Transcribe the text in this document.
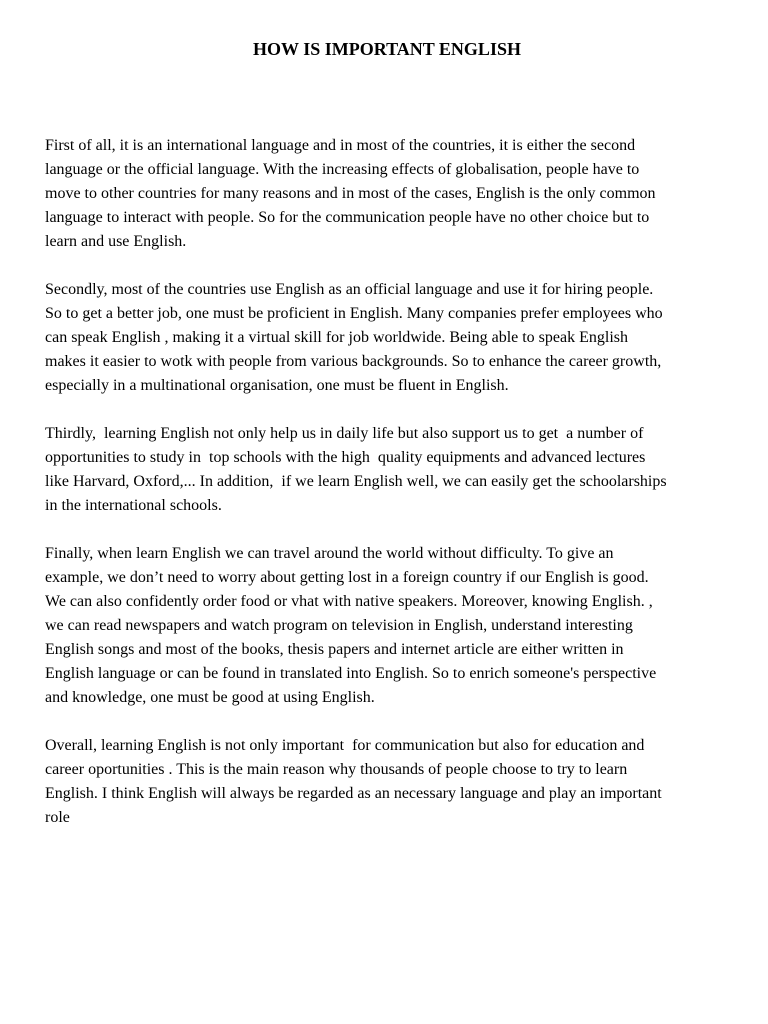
HOW IS IMPORTANT ENGLISH

First of all, it is an international language and in most of the countries, it is either the second
language or the official language. With the increasing effects of globalisation, people have to
move to other countries for many reasons and in most of the cases, English is the only common
language to interact with people. So for the communication people have no other choice but to
learn and use English.

Secondly, most of the countries use English as an official language and use it for hiring people.
So to get a better job, one must be proficient in English. Many companies prefer employees who
can speak English , making it a virtual skill for job worldwide. Being able to speak English
makes it easier to wotk with people from various backgrounds. So to enhance the career growth,
especially in a multinational organisation, one must be fluent in English.

Thirdly,  learning English not only help us in daily life but also support us to get  a number of
opportunities to study in  top schools with the high  quality equipments and advanced lectures
like Harvard, Oxford,... In addition,  if we learn English well, we can easily get the schoolarships
in the international schools.

Finally, when learn English we can travel around the world without difficulty. To give an
example, we don’t need to worry about getting lost in a foreign country if our English is good.
We can also confidently order food or vhat with native speakers. Moreover, knowing English. ,
we can read newspapers and watch program on television in English, understand interesting
English songs and most of the books, thesis papers and internet article are either written in
English language or can be found in translated into English. So to enrich someone's perspective
and knowledge, one must be good at using English.

Overall, learning English is not only important  for communication but also for education and
career oportunities . This is the main reason why thousands of people choose to try to learn
English. I think English will always be regarded as an necessary language and play an important
role
